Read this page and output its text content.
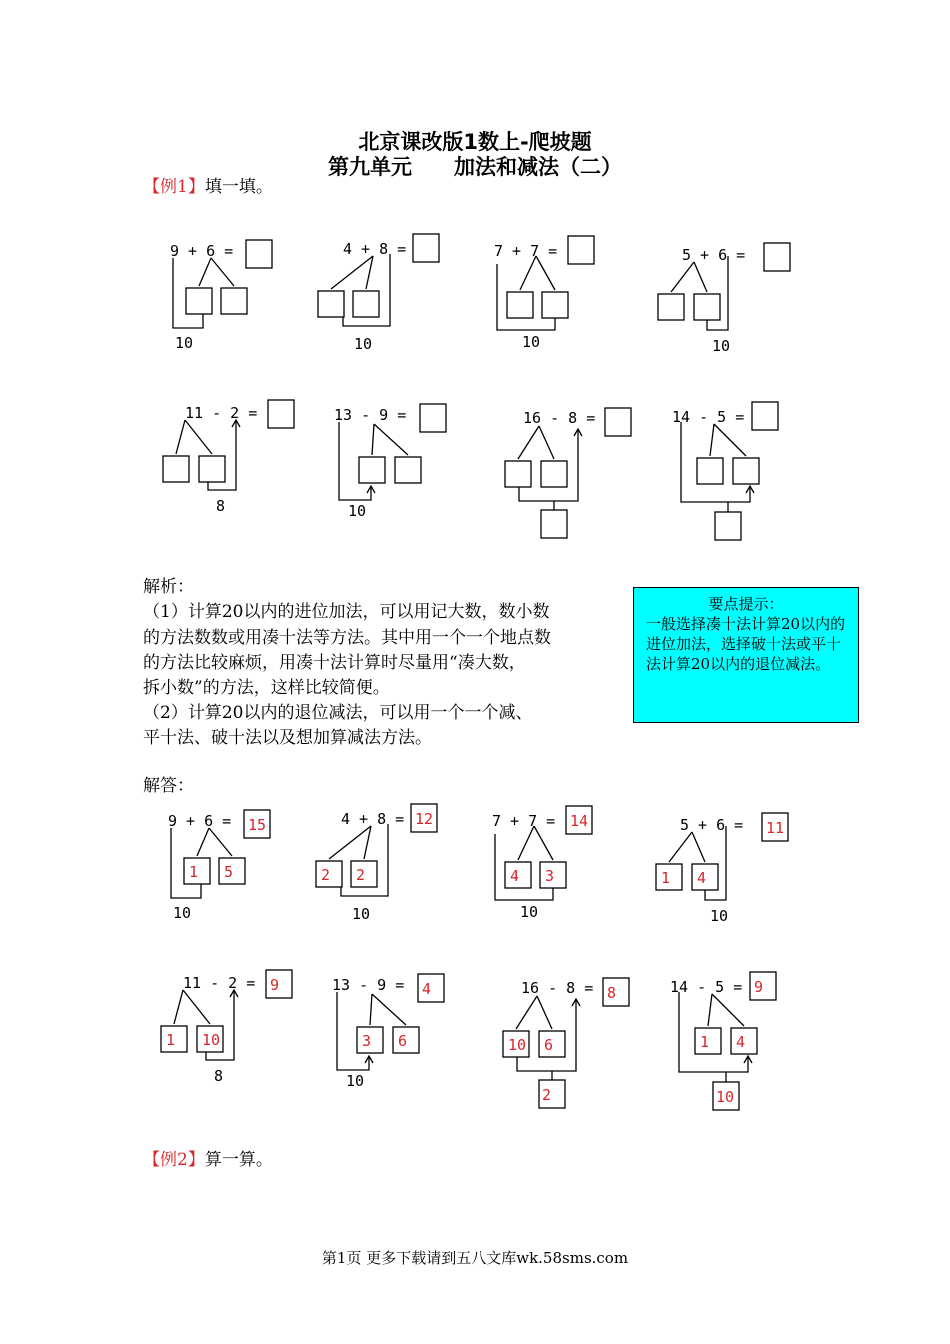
北京课改版1数上-爬坡题
第九单元　　加法和减法（二）
【例1】填一填。
解析：
（1）计算20以内的进位加法，可以用记大数，数小数
的方法数数或用凑十法等方法。其中用一个一个地点数
的方法比较麻烦，用凑十法计算时尽量用“凑大数，
拆小数”的方法，这样比较简便。
（2）计算20以内的退位减法，可以用一个一个减、
平十法、破十法以及想加算减法方法。
要点提示：
一般选择凑十法计算20以内的进位加法，选择破十法或平十法计算20以内的退位减法。
解答：
【例2】算一算。
第1页 更多下载请到五八文库wk.58sms.com
9 + 6 =
10
4 + 8 =
10
7 + 7 =
10
5 + 6 =
10
11 - 2 =
8
13 - 9 =
10
16 - 8 =	14 - 5 =
9 + 6 =
10
15
1 5
4 + 8 =
10
12
2 2
7 + 7 =
10
14
4 3
5 + 6 =
10
11
1 4
11 - 2 =
8
9
1 10
13 - 9 =
10
4
3 6
16 - 8 = 8
10 6
2
14 - 5 = 9
1 4
10
